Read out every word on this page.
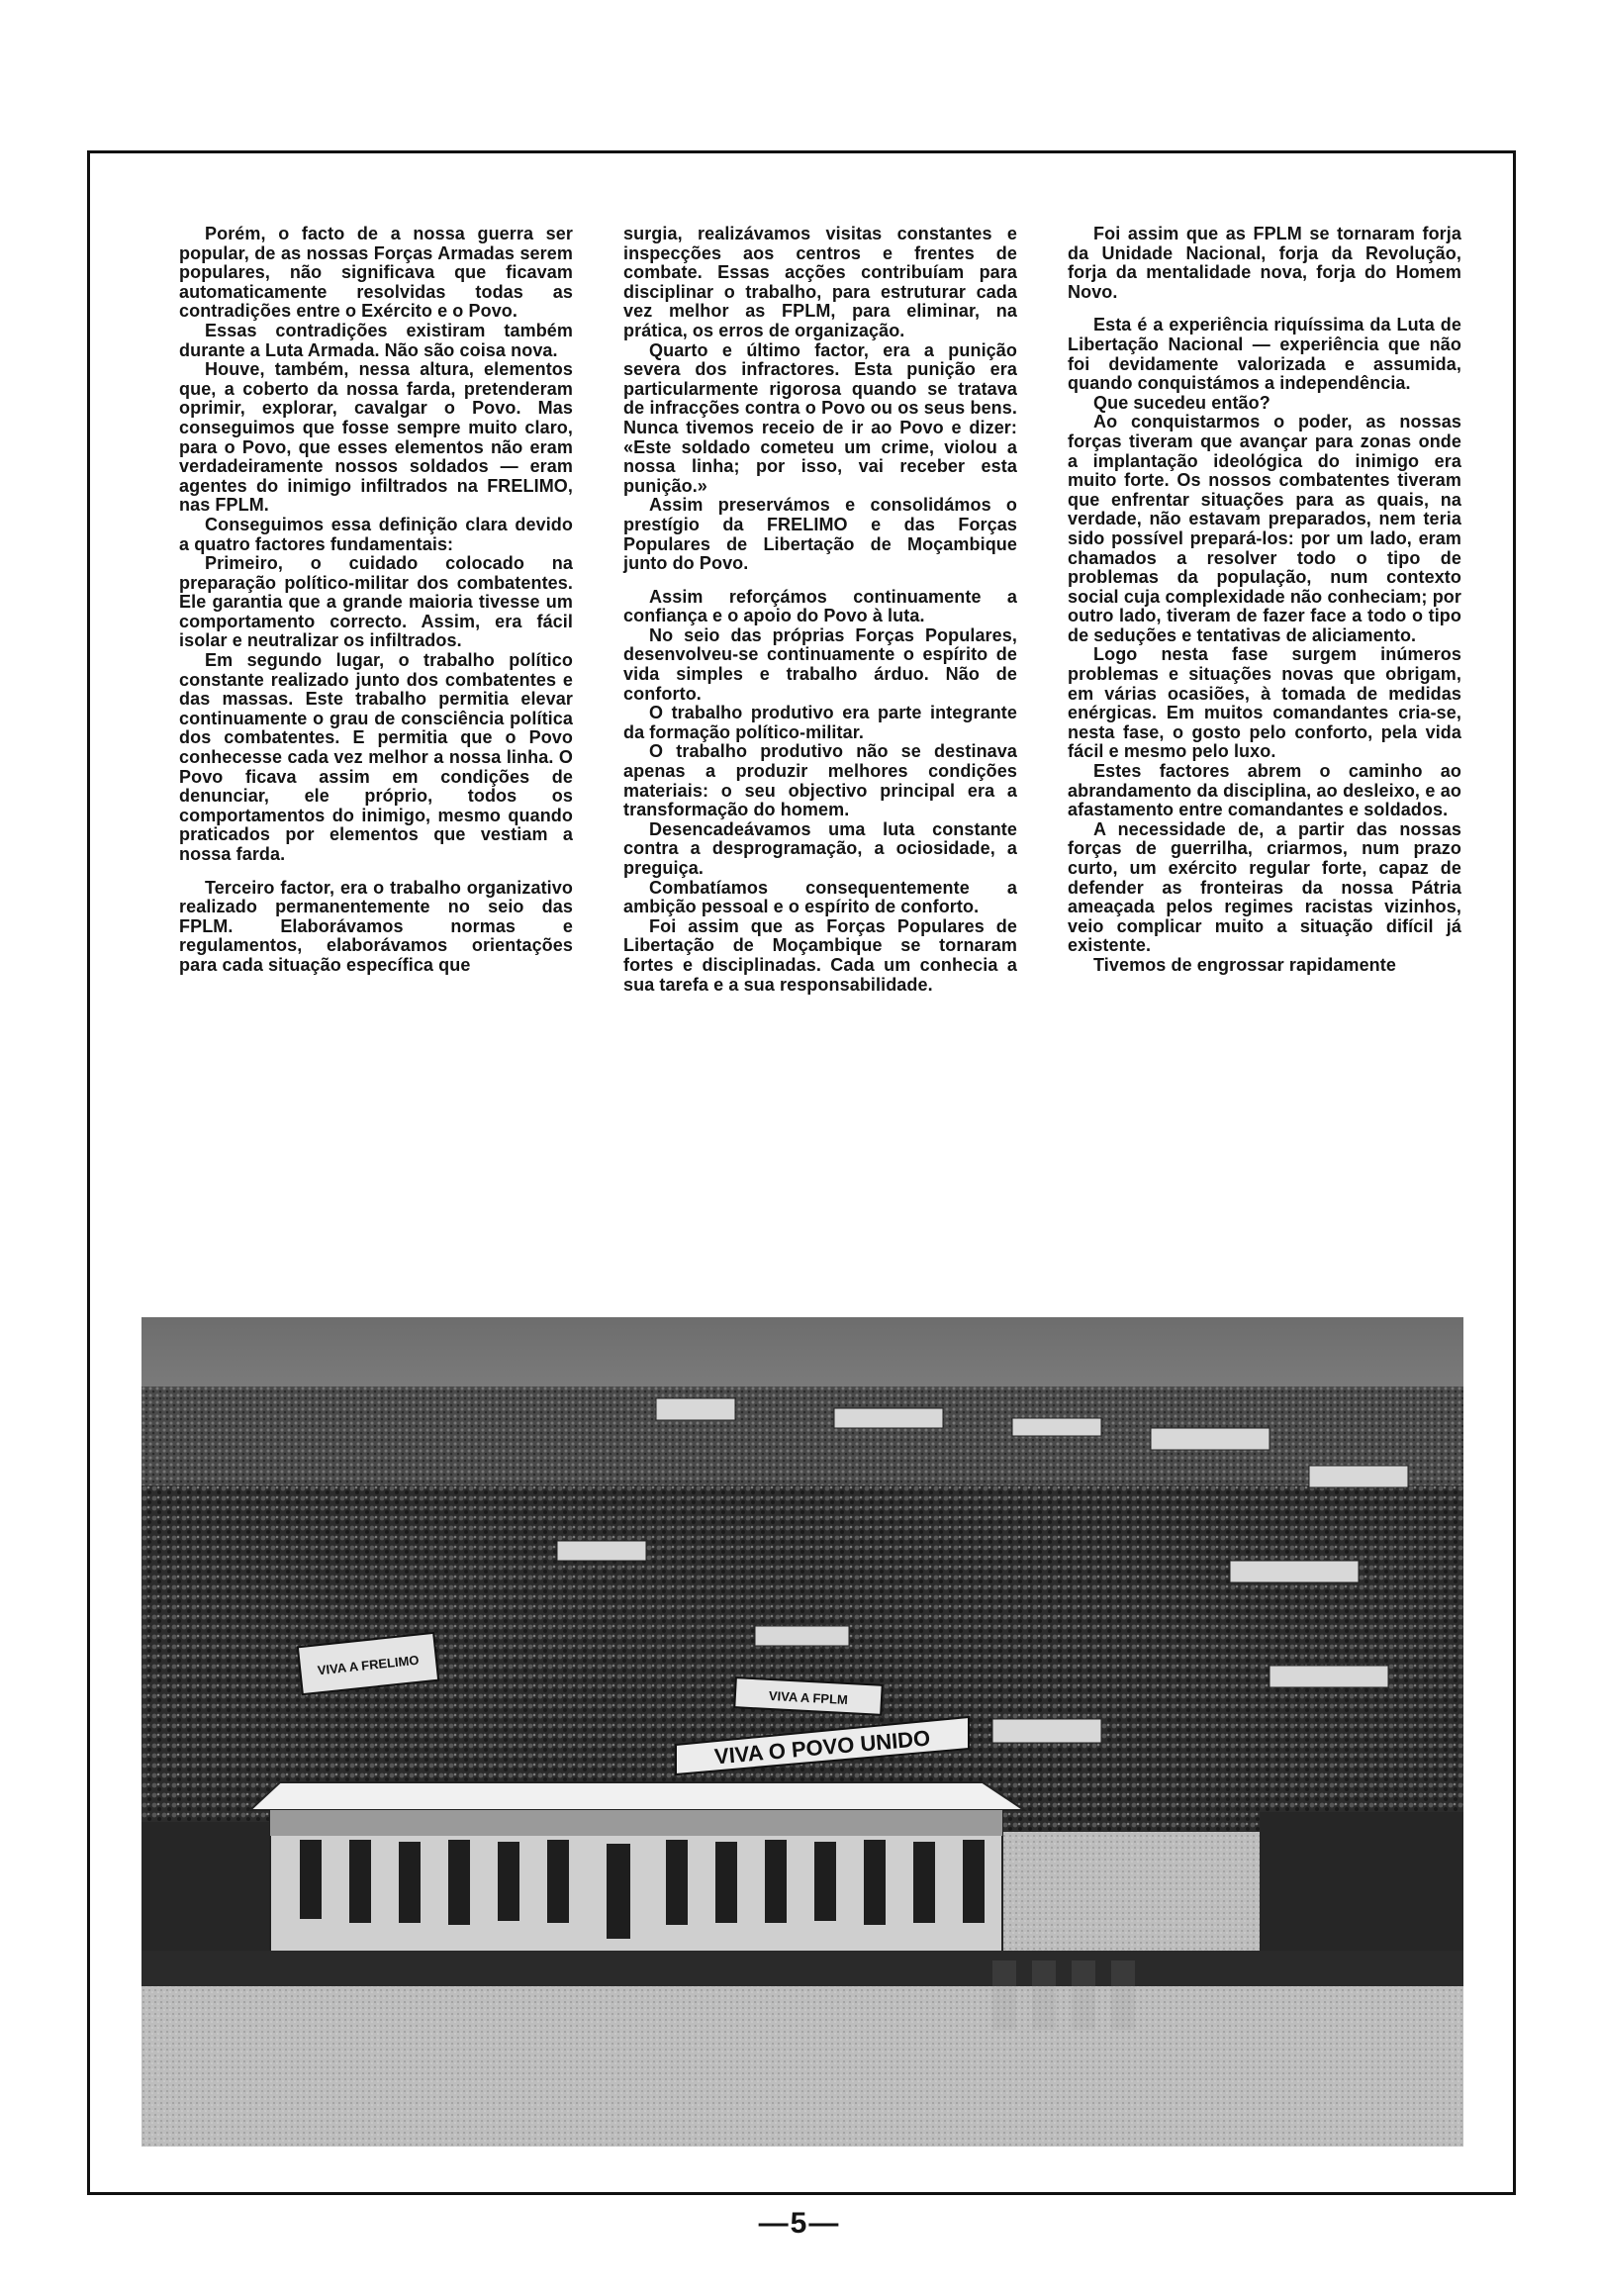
Porém, o facto de a nossa guerra ser popular, de as nossas Forças Armadas serem populares, não significava que ficavam automaticamente resolvidas todas as contradições entre o Exército e o Povo.

Essas contradições existiram também durante a Luta Armada. Não são coisa nova.

Houve, também, nessa altura, elementos que, a coberto da nossa farda, pretenderam oprimir, explorar, cavalgar o Povo. Mas conseguimos que fosse sempre muito claro, para o Povo, que esses elementos não eram verdadeiramente nossos soldados — eram agentes do inimigo infiltrados na FRELIMO, nas FPLM.

Conseguimos essa definição clara devido a quatro factores fundamentais:

Primeiro, o cuidado colocado na preparação político-militar dos combatentes. Ele garantia que a grande maioria tivesse um comportamento correcto. Assim, era fácil isolar e neutralizar os infiltrados.

Em segundo lugar, o trabalho político constante realizado junto dos combatentes e das massas. Este trabalho permitia elevar continuamente o grau de consciência política dos combatentes. E permitia que o Povo conhecesse cada vez melhor a nossa linha. O Povo ficava assim em condições de denunciar, ele próprio, todos os comportamentos do inimigo, mesmo quando praticados por elementos que vestiam a nossa farda.

Terceiro factor, era o trabalho organizativo realizado permanentemente no seio das FPLM. Elaborávamos normas e regulamentos, elaborávamos orientações para cada situação específica que

surgia, realizávamos visitas constantes e inspecções aos centros e frentes de combate. Essas acções contribuíam para disciplinar o trabalho, para estruturar cada vez melhor as FPLM, para eliminar, na prática, os erros de organização.

Quarto e último factor, era a punição severa dos infractores. Esta punição era particularmente rigorosa quando se tratava de infracções contra o Povo ou os seus bens. Nunca tivemos receio de ir ao Povo e dizer: «Este soldado cometeu um crime, violou a nossa linha; por isso, vai receber esta punição.»

Assim preservámos e consolidámos o prestígio da FRELIMO e das Forças Populares de Libertação de Moçambique junto do Povo.

Assim reforçámos continuamente a confiança e o apoio do Povo à luta.

No seio das próprias Forças Populares, desenvolveu-se continuamente o espírito de vida simples e trabalho árduo. Não de conforto.

O trabalho produtivo era parte integrante da formação político-militar.

O trabalho produtivo não se destinava apenas a produzir melhores condições materiais: o seu objectivo principal era a transformação do homem.

Desencadeávamos uma luta constante contra a desprogramação, a ociosidade, a preguiça.

Combatíamos consequentemente a ambição pessoal e o espírito de conforto.

Foi assim que as Forças Populares de Libertação de Moçambique se tornaram fortes e disciplinadas. Cada um conhecia a sua tarefa e a sua responsabilidade.

Foi assim que as FPLM se tornaram forja da Unidade Nacional, forja da Revolução, forja da mentalidade nova, forja do Homem Novo.

Esta é a experiência riquíssima da Luta de Libertação Nacional — experiência que não foi devidamente valorizada e assumida, quando conquistámos a independência.

Que sucedeu então?

Ao conquistarmos o poder, as nossas forças tiveram que avançar para zonas onde a implantação ideológica do inimigo era muito forte. Os nossos combatentes tiveram que enfrentar situações para as quais, na verdade, não estavam preparados, nem teria sido possível prepará-los: por um lado, eram chamados a resolver todo o tipo de problemas da população, num contexto social cuja complexidade não conheciam; por outro lado, tiveram de fazer face a todo o tipo de seduções e tentativas de aliciamento.

Logo nesta fase surgem inúmeros problemas e situações novas que obrigam, em várias ocasiões, à tomada de medidas enérgicas. Em muitos comandantes cria-se, nesta fase, o gosto pelo conforto, pela vida fácil e mesmo pelo luxo.

Estes factores abrem o caminho ao abrandamento da disciplina, ao desleixo, e ao afastamento entre comandantes e soldados.

A necessidade de, a partir das nossas forças de guerrilha, criarmos, num prazo curto, um exército regular forte, capaz de defender as fronteiras da nossa Pátria ameaçada pelos regimes racistas vizinhos, veio complicar muito a situação difícil já existente.

Tivemos de engrossar rapidamente

VIVA A FRELIMO
VIVA A FPLM
VIVA O POVO UNIDO
—5—
